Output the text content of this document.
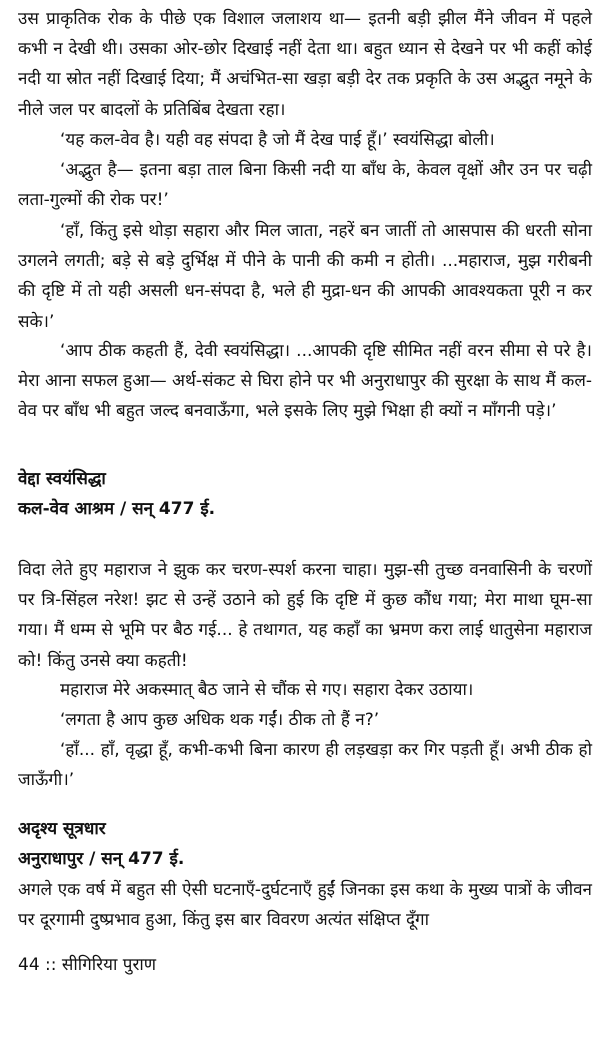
उस प्राकृतिक रोक के पीछे एक विशाल जलाशय था— इतनी बड़ी झील मैंने जीवन में पहले कभी न देखी थी। उसका ओर-छोर दिखाई नहीं देता था। बहुत ध्यान से देखने पर भी कहीं कोई नदी या स्रोत नहीं दिखाई दिया; मैं अचंभित-सा खड़ा बड़ी देर तक प्रकृति के उस अद्भुत नमूने के नीले जल पर बादलों के प्रतिबिंब देखता रहा।

‘यह कल-वेव है। यही वह संपदा है जो मैं देख पाई हूँ।’ स्वयंसिद्धा बोली।

‘अद्भुत है— इतना बड़ा ताल बिना किसी नदी या बाँध के, केवल वृक्षों और उन पर चढ़ी लता-गुल्मों की रोक पर!’

‘हाँ, किंतु इसे थोड़ा सहारा और मिल जाता, नहरें बन जातीं तो आसपास की धरती सोना उगलने लगती; बड़े से बड़े दुर्भिक्ष में पीने के पानी की कमी न होती। ...महाराज, मुझ गरीबनी की दृष्टि में तो यही असली धन-संपदा है, भले ही मुद्रा-धन की आपकी आवश्यकता पूरी न कर सके।’

‘आप ठीक कहती हैं, देवी स्वयंसिद्धा। ...आपकी दृष्टि सीमित नहीं वरन सीमा से परे है। मेरा आना सफल हुआ— अर्थ-संकट से घिरा होने पर भी अनुराधापुर की सुरक्षा के साथ मैं कल-वेव पर बाँध भी बहुत जल्द बनवाऊँगा, भले इसके लिए मुझे भिक्षा ही क्यों न माँगनी पड़े।’

वेद्दा स्वयंसिद्धा

कल-वेव आश्रम / सन् 477 ई.

विदा लेते हुए महाराज ने झुक कर चरण-स्पर्श करना चाहा। मुझ-सी तुच्छ वनवासिनी के चरणों पर त्रि-सिंहल नरेश! झट से उन्हें उठाने को हुई कि दृष्टि में कुछ कौंध गया; मेरा माथा घूम-सा गया। मैं धम्म से भूमि पर बैठ गई... हे तथागत, यह कहाँ का भ्रमण करा लाई धातुसेना महाराज को! किंतु उनसे क्या कहती!

महाराज मेरे अकस्मात् बैठ जाने से चौंक से गए। सहारा देकर उठाया।

‘लगता है आप कुछ अधिक थक गईं। ठीक तो हैं न?’

‘हाँ... हाँ, वृद्धा हूँ, कभी-कभी बिना कारण ही लड़खड़ा कर गिर पड़ती हूँ। अभी ठीक हो जाऊँगी।’

अदृश्य सूत्रधार

अनुराधापुर / सन् 477 ई.

अगले एक वर्ष में बहुत सी ऐसी घटनाएँ-दुर्घटनाएँ हुईं जिनका इस कथा के मुख्य पात्रों के जीवन पर दूरगामी दुष्प्रभाव हुआ, किंतु इस बार विवरण अत्यंत संक्षिप्त दूँगा

44 :: सीगिरिया पुराण
